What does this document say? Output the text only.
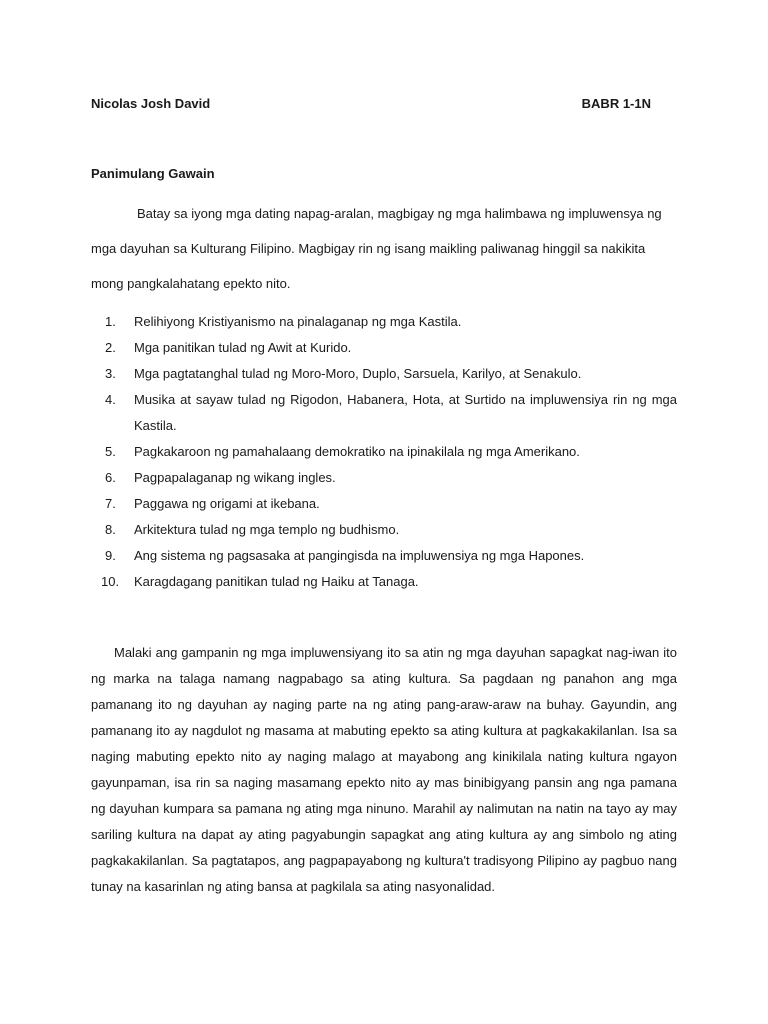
Nicolas Josh David	BABR 1-1N
Panimulang Gawain

Batay sa iyong mga dating napag-aralan, magbigay ng mga halimbawa ng impluwensya ng mga dayuhan sa Kulturang Filipino. Magbigay rin ng isang maikling paliwanag hinggil sa nakikita mong pangkalahatang epekto nito.

1.	Relihiyong Kristiyanismo na pinalaganap ng mga Kastila.
2.	Mga panitikan tulad ng Awit at Kurido.
3.	Mga pagtatanghal tulad ng Moro-Moro, Duplo, Sarsuela, Karilyo, at Senakulo.
4.	Musika at sayaw tulad ng Rigodon, Habanera, Hota, at Surtido na impluwensiya rin ng mga Kastila.
5.	Pagkakaroon ng pamahalaang demokratiko na ipinakilala ng mga Amerikano.
6.	Pagpapalaganap ng wikang ingles.
7.	Paggawa ng origami at ikebana.
8.	Arkitektura tulad ng mga templo ng budhismo.
9.	Ang sistema ng pagsasaka at pangingisda na impluwensiya ng mga Hapones.
10. Karagdagang panitikan tulad ng Haiku at Tanaga.

Malaki ang gampanin ng mga impluwensiyang ito sa atin ng mga dayuhan sapagkat nag-iwan ito ng marka na talaga namang nagpabago sa ating kultura. Sa pagdaan ng panahon ang mga pamanang ito ng dayuhan ay naging parte na ng ating pang-araw-araw na buhay. Gayundin, ang pamanang ito ay nagdulot ng masama at mabuting epekto sa ating kultura at pagkakakilanlan. Isa sa naging mabuting epekto nito ay naging malago at mayabong ang kinikilala nating kultura ngayon gayunpaman, isa rin sa naging masamang epekto nito ay mas binibigyang pansin ang nga pamana ng dayuhan kumpara sa pamana ng ating mga ninuno. Marahil ay nalimutan na natin na tayo ay may sariling kultura na dapat ay ating pagyabungin sapagkat ang ating kultura ay ang simbolo ng ating pagkakakilanlan. Sa pagtatapos, ang pagpapayabong ng kultura't tradisyong Pilipino ay pagbuo nang tunay na kasarinlan ng ating bansa at pagkilala sa ating nasyonalidad.
